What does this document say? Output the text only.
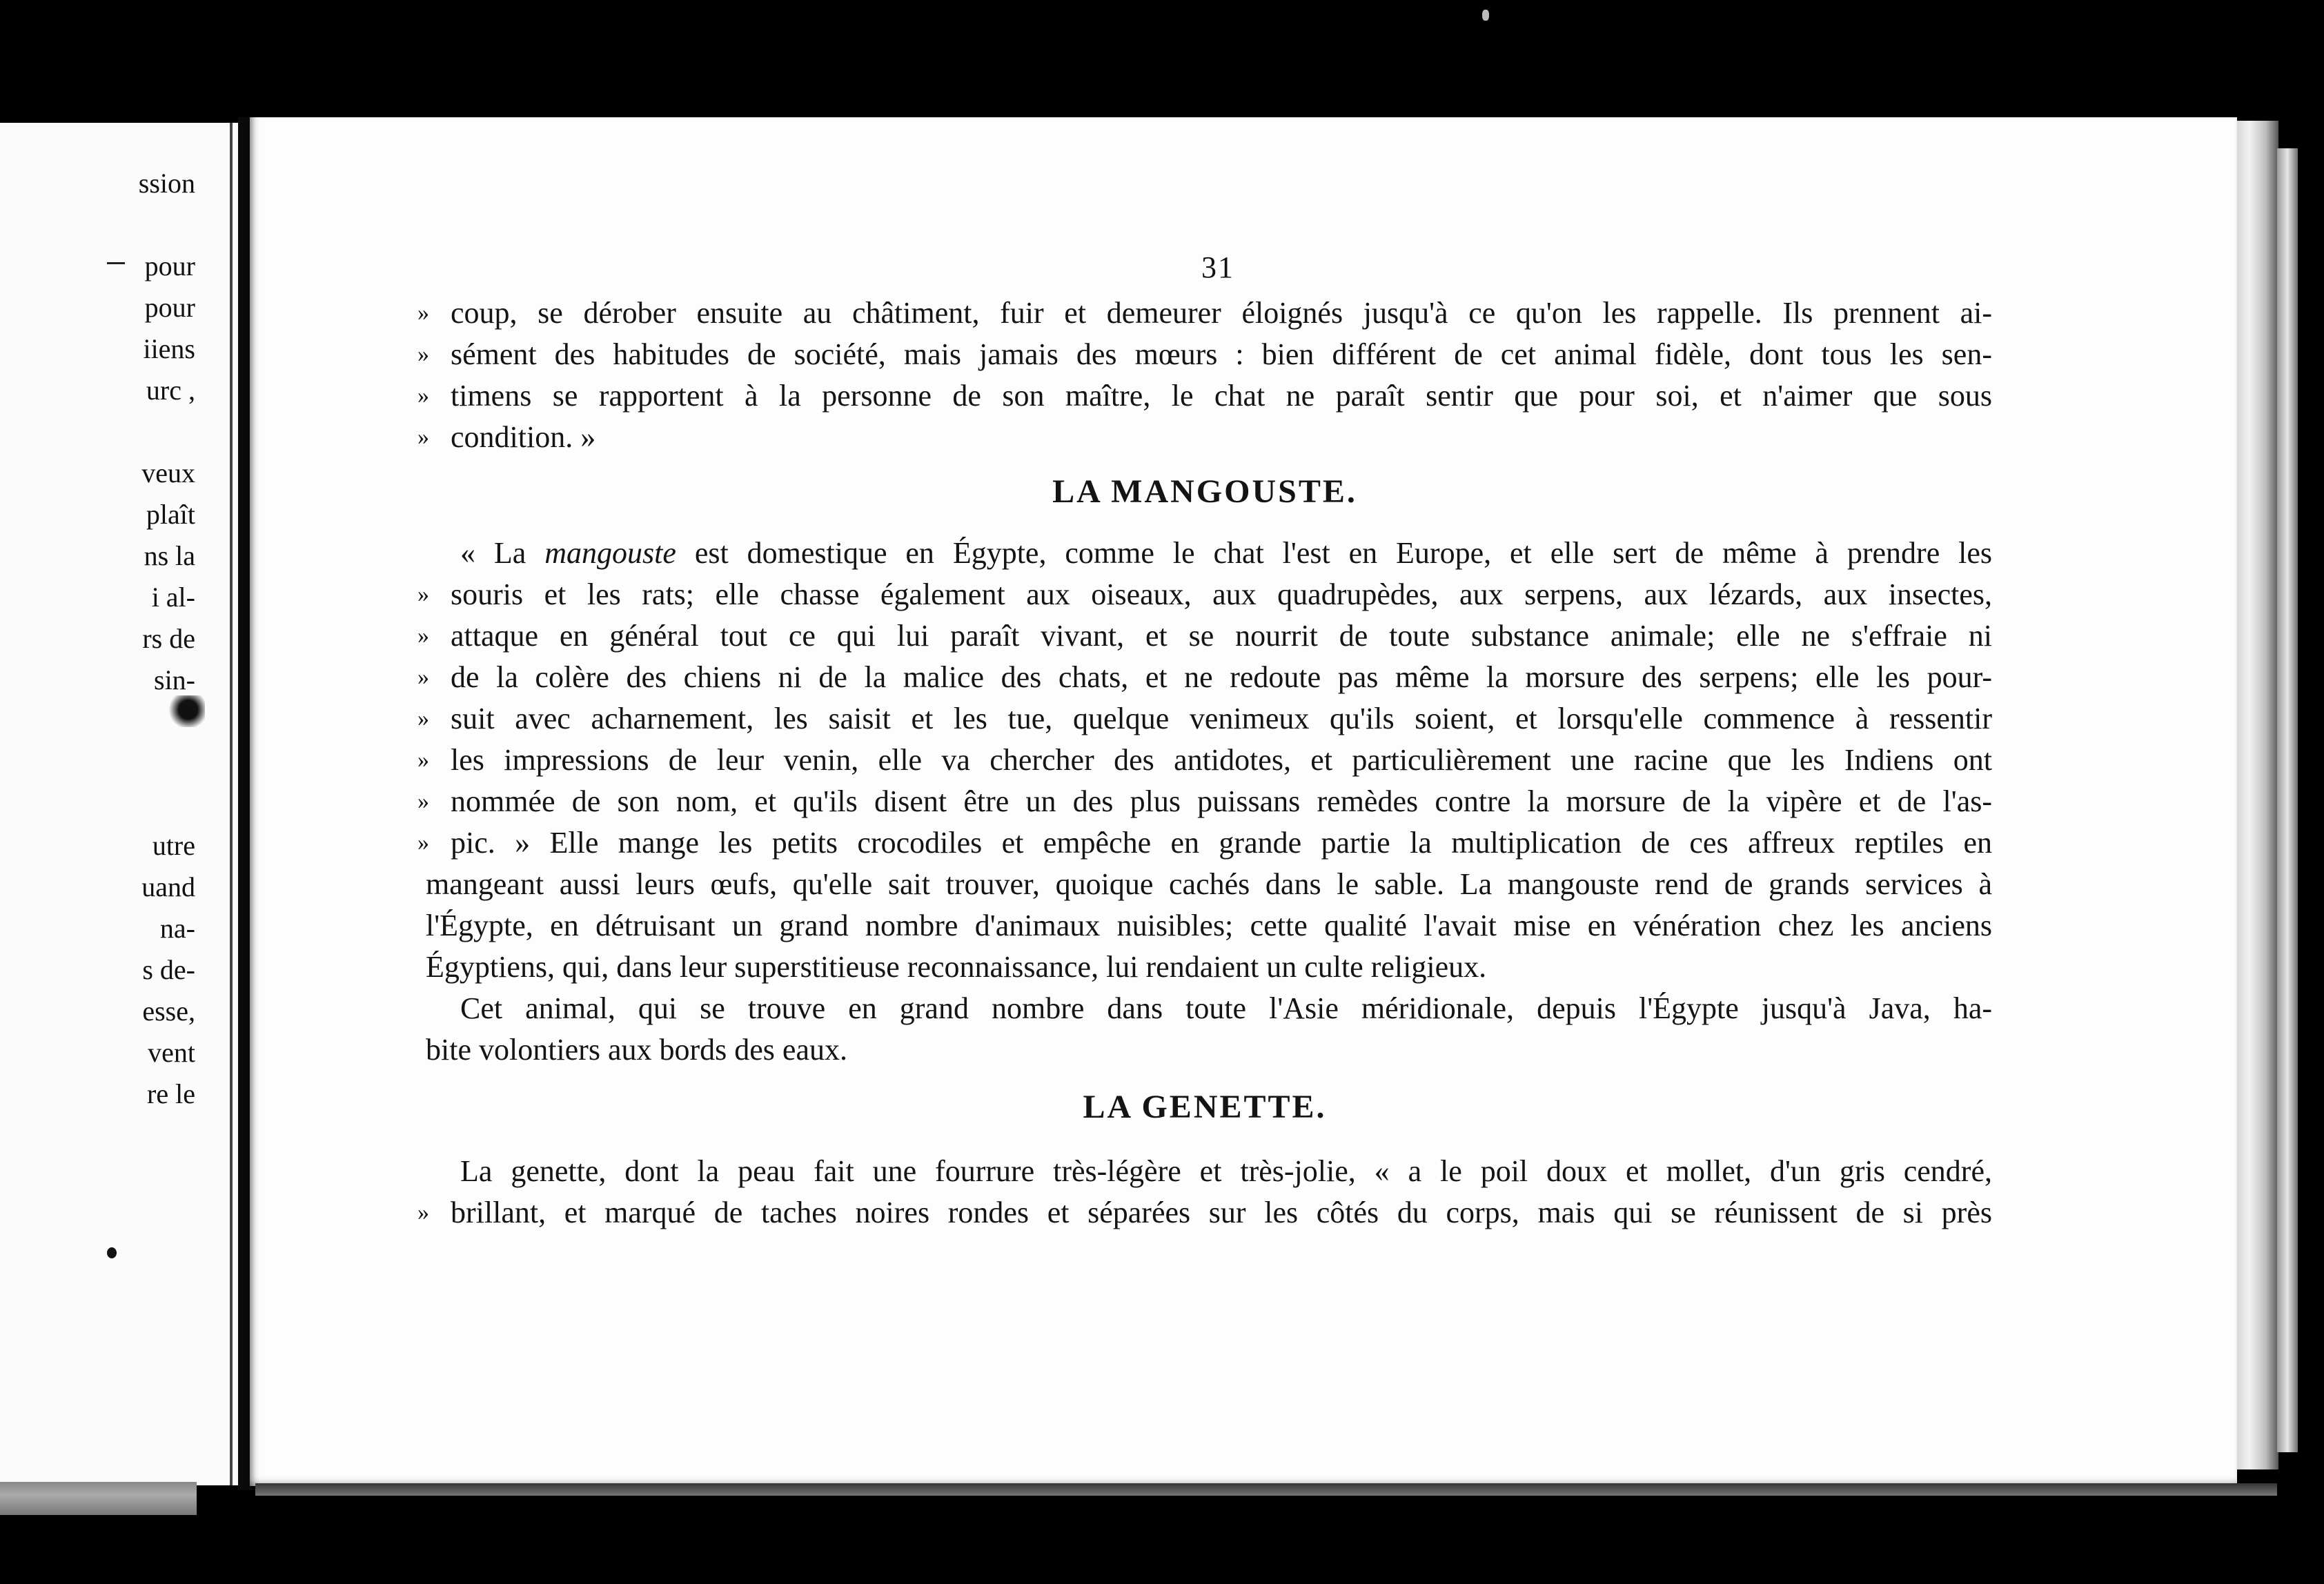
ssion
pour
pour
iiens
urc ,
veux
plaît
ns la
i al-
rs de
sin-
utre
uand
na-
s de-
esse,
vent
re le
31
» coup, se dérober ensuite au châtiment, fuir et demeurer éloignés jusqu'à ce qu'on les rappelle. Ils prennent ai-
» sément des habitudes de société, mais jamais des mœurs : bien différent de cet animal fidèle, dont tous les sen-
» timens se rapportent à la personne de son maître, le chat ne paraît sentir que pour soi, et n'aimer que sous
» condition. »
LA MANGOUSTE.
« La mangouste est domestique en Égypte, comme le chat l'est en Europe, et elle sert de même à prendre les
» souris et les rats; elle chasse également aux oiseaux, aux quadrupèdes, aux serpens, aux lézards, aux insectes,
» attaque en général tout ce qui lui paraît vivant, et se nourrit de toute substance animale; elle ne s'effraie ni
» de la colère des chiens ni de la malice des chats, et ne redoute pas même la morsure des serpens; elle les pour-
» suit avec acharnement, les saisit et les tue, quelque venimeux qu'ils soient, et lorsqu'elle commence à ressentir
» les impressions de leur venin, elle va chercher des antidotes, et particulièrement une racine que les Indiens ont
» nommée de son nom, et qu'ils disent être un des plus puissans remèdes contre la morsure de la vipère et de l'as-
» pic. » Elle mange les petits crocodiles et empêche en grande partie la multiplication de ces affreux reptiles en
mangeant aussi leurs œufs, qu'elle sait trouver, quoique cachés dans le sable. La mangouste rend de grands services à
l'Égypte, en détruisant un grand nombre d'animaux nuisibles; cette qualité l'avait mise en vénération chez les anciens
Égyptiens, qui, dans leur superstitieuse reconnaissance, lui rendaient un culte religieux.
Cet animal, qui se trouve en grand nombre dans toute l'Asie méridionale, depuis l'Égypte jusqu'à Java, ha-
bite volontiers aux bords des eaux.
LA GENETTE.
La genette, dont la peau fait une fourrure très-légère et très-jolie, « a le poil doux et mollet, d'un gris cendré,
» brillant, et marqué de taches noires rondes et séparées sur les côtés du corps, mais qui se réunissent de si près
